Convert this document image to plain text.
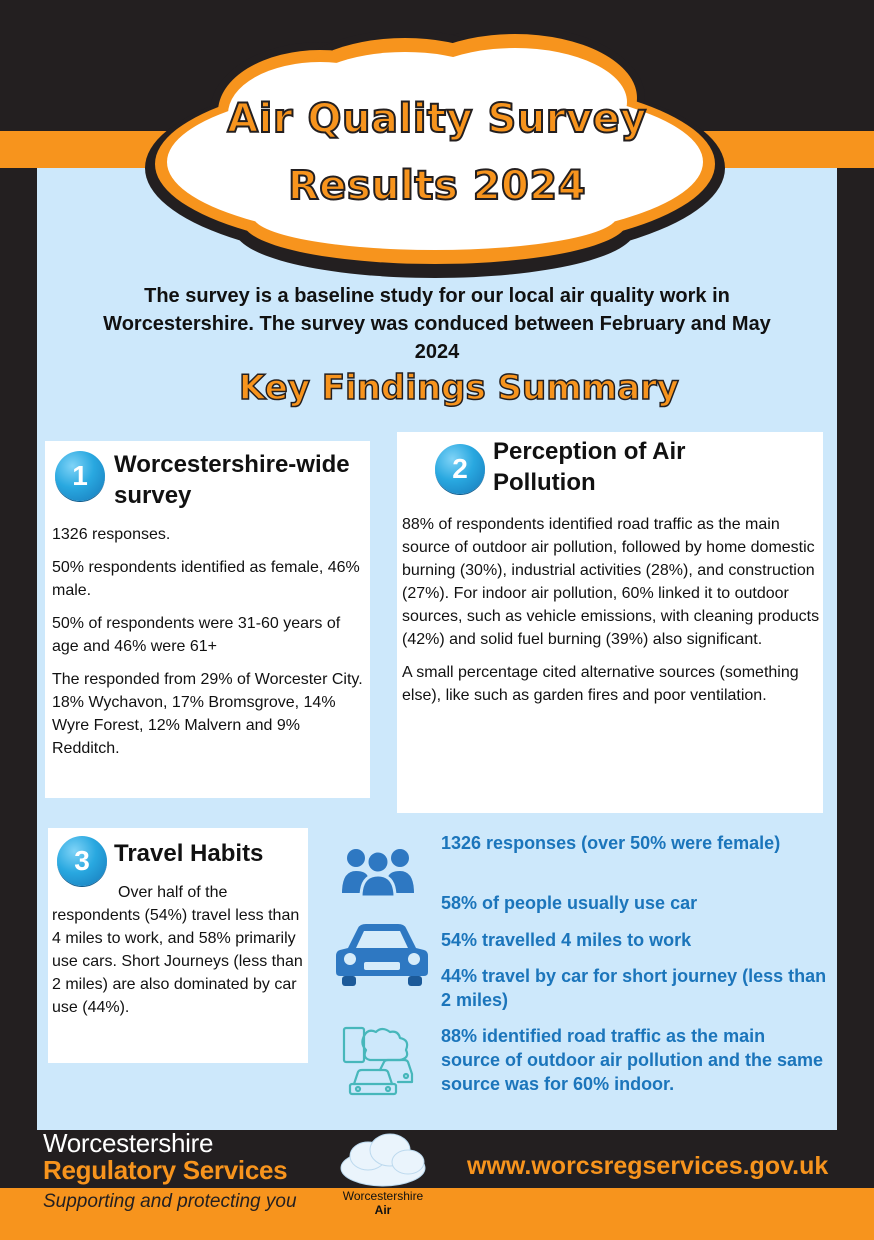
Air Quality Survey
Results 2024
The survey is a baseline study for our local air quality work in Worcestershire. The survey was conduced between February and May 2024
Key Findings Summary
1	Worcestershire-wide survey

1326 responses.

50% respondents identified as female, 46% male.

50% of respondents were 31-60 years of age and 46% were 61+

The responded from 29% of Worcester City. 18% Wychavon, 17% Bromsgrove, 14% Wyre Forest, 12% Malvern and 9% Redditch.

2
Perception of Air Pollution

88% of respondents identified road traffic as the main source of outdoor air pollution, followed by home domestic burning (30%), industrial activities (28%), and construction (27%). For indoor air pollution, 60% linked it to outdoor sources, such as vehicle emissions, with cleaning products (42%) and solid fuel burning (39%) also significant.

A small percentage cited alternative sources (something else), like such as garden fires and poor ventilation.

3	Travel Habits

Over half of the respondents (54%) travel less than 4 miles to work, and 58% primarily use cars. Short Journeys (less than 2 miles) are also dominated by car use (44%).

1326 responses (over 50% were female)
58% of people usually use car
54% travelled 4 miles to work
44% travel by car for short journey (less than 2 miles)
88% identified road traffic as the main source of outdoor air pollution and the same source was for 60% indoor.
Worcestershire
Regulatory Services
Supporting and protecting you	Worcestershire
Air
www.worcsregservices.gov.uk
